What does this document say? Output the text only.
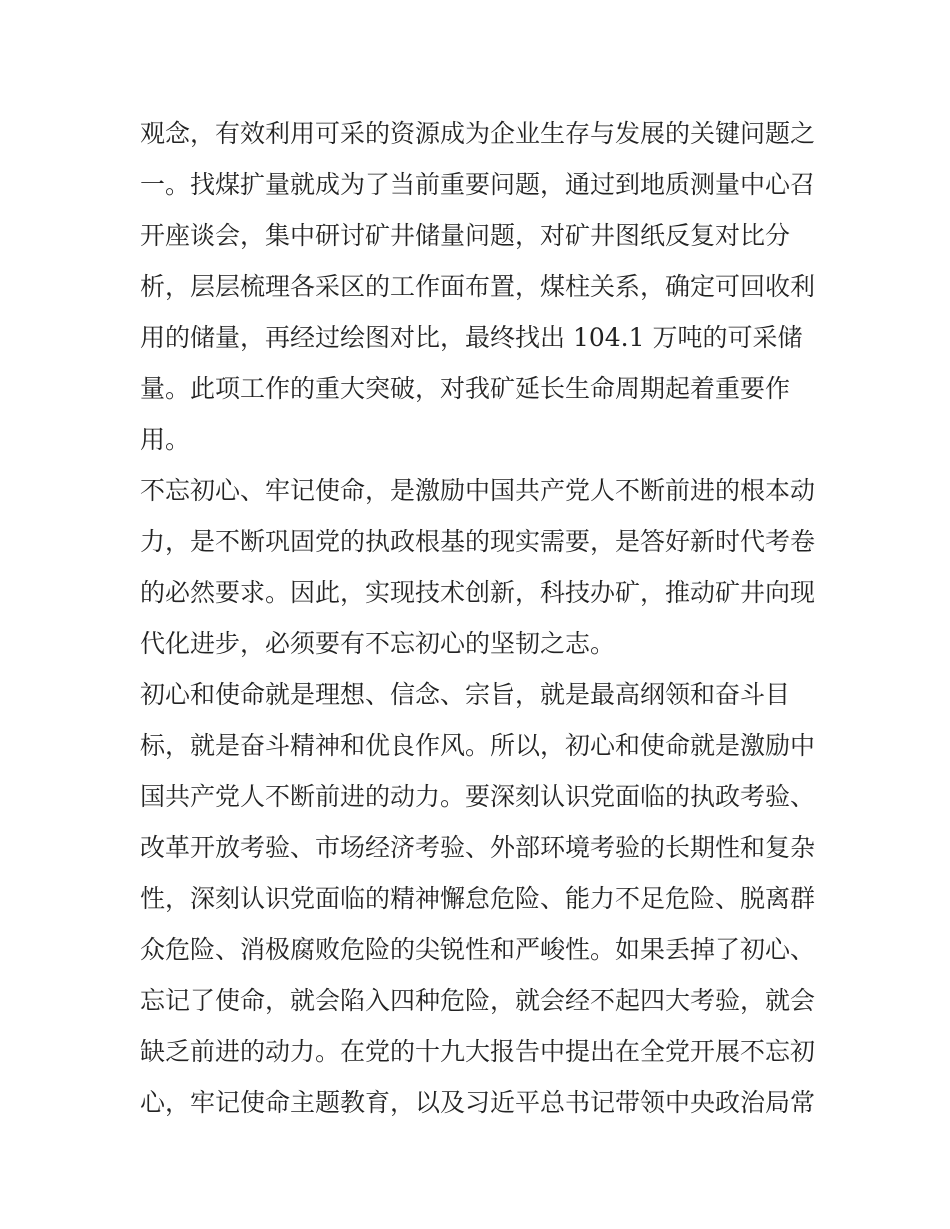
观念，有效利用可采的资源成为企业生存与发展的关键问题之

一。找煤扩量就成为了当前重要问题，通过到地质测量中心召

开座谈会，集中研讨矿井储量问题，对矿井图纸反复对比分

析，层层梳理各采区的工作面布置，煤柱关系，确定可回收利

用的储量，再经过绘图对比，最终找出 104.1 万吨的可采储

量。此项工作的重大突破，对我矿延长生命周期起着重要作

用。

不忘初心、牢记使命，是激励中国共产党人不断前进的根本动

力，是不断巩固党的执政根基的现实需要，是答好新时代考卷

的必然要求。因此，实现技术创新，科技办矿，推动矿井向现

代化进步，必须要有不忘初心的坚韧之志。

初心和使命就是理想、信念、宗旨，就是最高纲领和奋斗目

标，就是奋斗精神和优良作风。所以，初心和使命就是激励中

国共产党人不断前进的动力。要深刻认识党面临的执政考验、

改革开放考验、市场经济考验、外部环境考验的长期性和复杂

性，深刻认识党面临的精神懈怠危险、能力不足危险、脱离群

众危险、消极腐败危险的尖锐性和严峻性。如果丢掉了初心、

忘记了使命，就会陷入四种危险，就会经不起四大考验，就会

缺乏前进的动力。在党的十九大报告中提出在全党开展不忘初

心，牢记使命主题教育，以及习近平总书记带领中央政治局常
